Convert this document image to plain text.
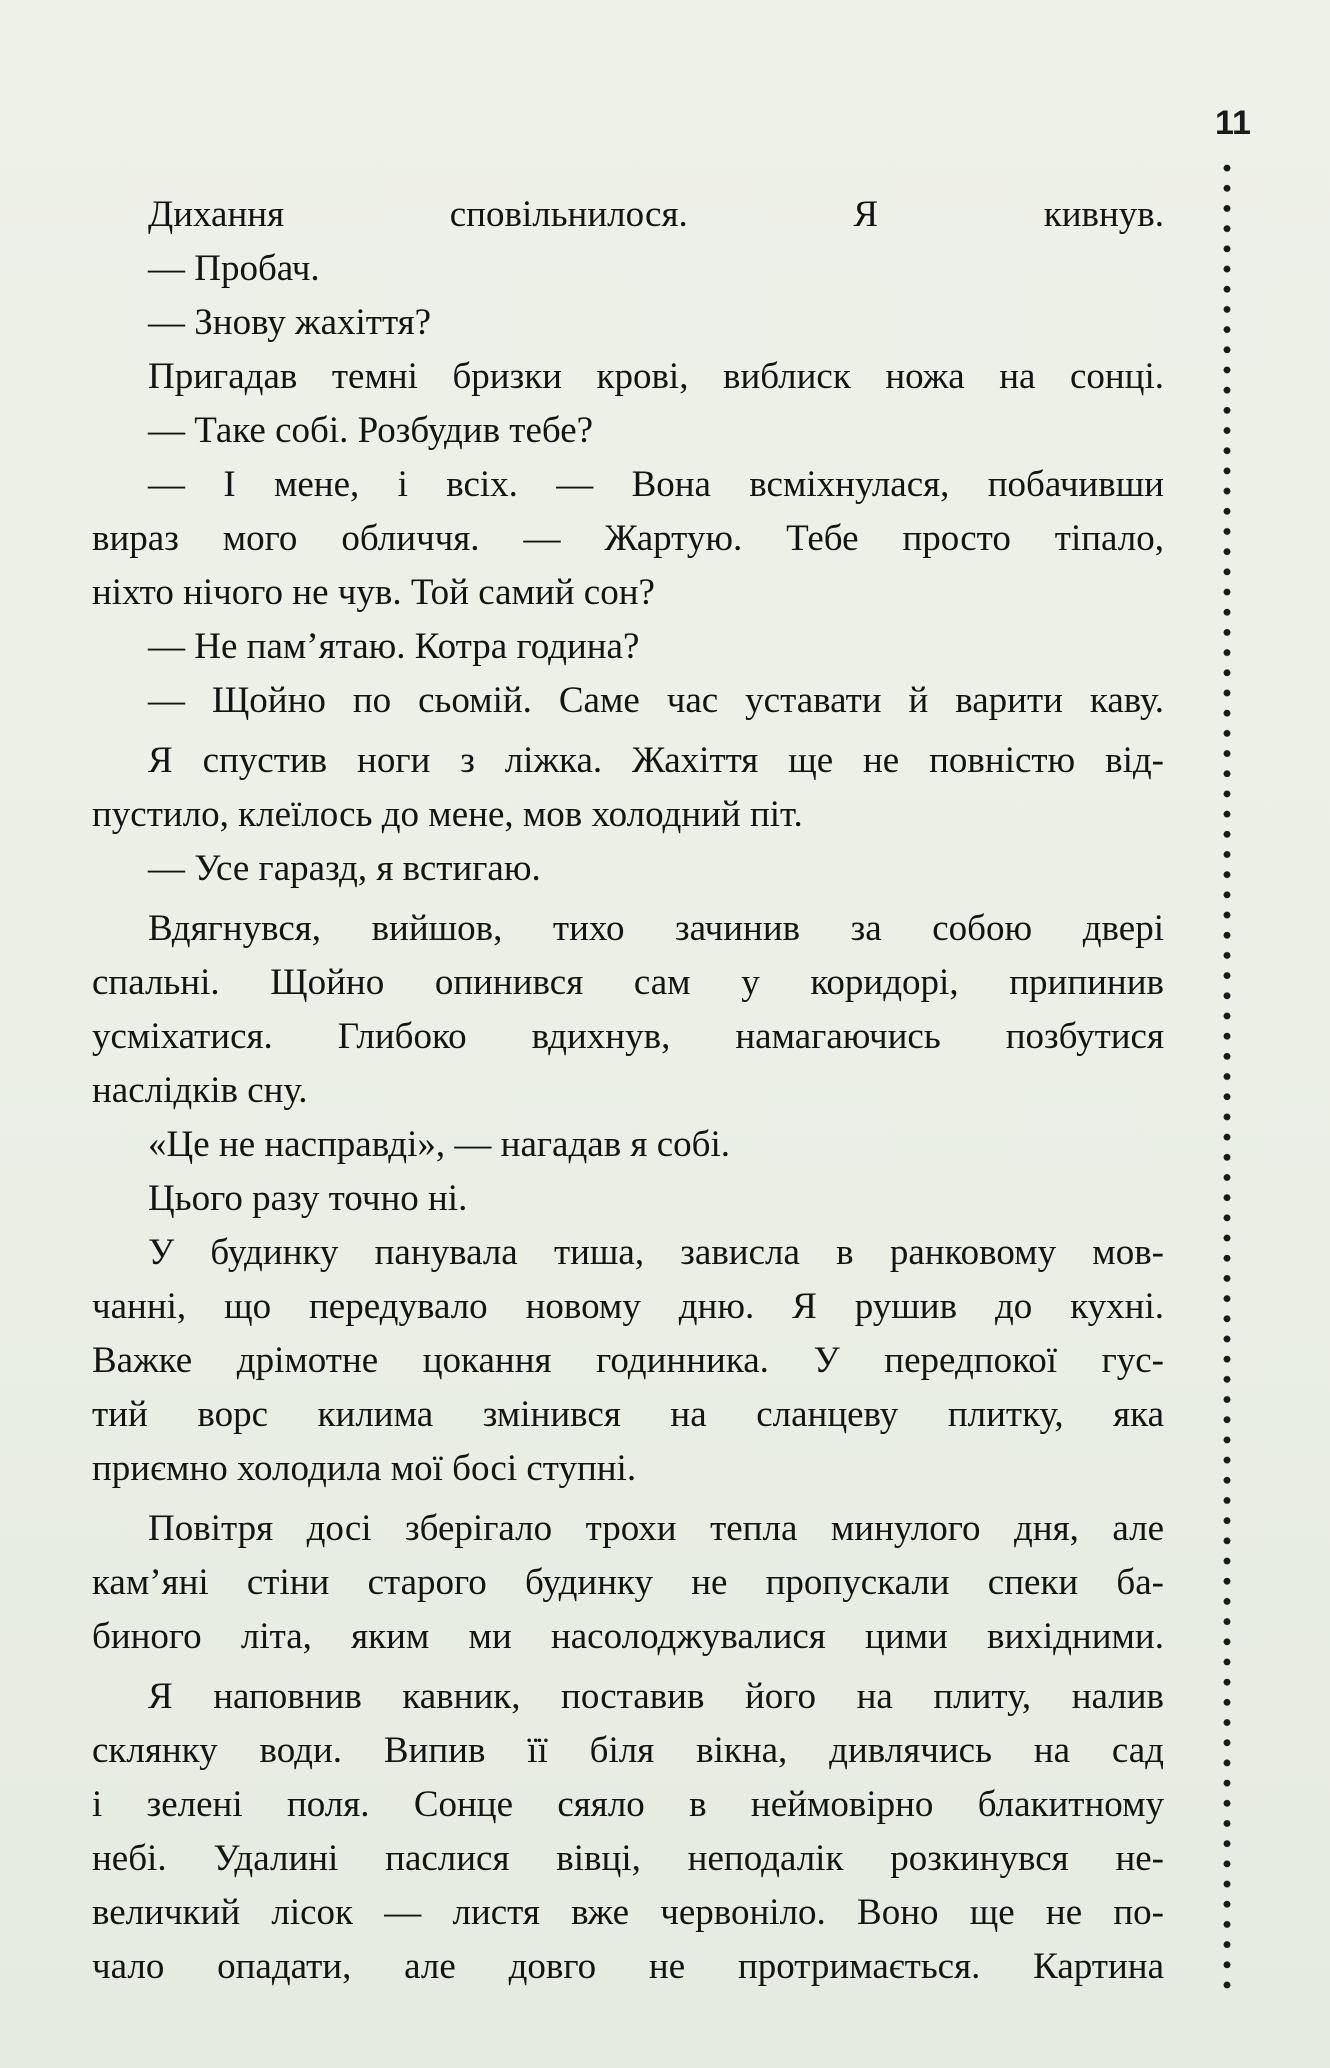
11
Дихання сповільнилося. Я кивнув.
— Пробач.
— Знову жахіття?
Пригадав темні бризки крові, виблиск ножа на сонці.
— Таке собі. Розбудив тебе?
— І мене, і всіх. — Вона всміхнулася, побачивши
вираз мого обличчя. — Жартую. Тебе просто тіпало,
ніхто нічого не чув. Той самий сон?
— Не пам’ятаю. Котра година?
— Щойно по сьомій. Саме час уставати й варити каву.
Я спустив ноги з ліжка. Жахіття ще не повністю від-
пустило, клеїлось до мене, мов холодний піт.
— Усе гаразд, я встигаю.
Вдягнувся, вийшов, тихо зачинив за собою двері
спальні. Щойно опинився сам у коридорі, припинив
усміхатися. Глибоко вдихнув, намагаючись позбутися
наслідків сну.
«Це не насправді», — нагадав я собі.
Цього разу точно ні.
У будинку панувала тиша, зависла в ранковому мов-
чанні, що передувало новому дню. Я рушив до кухні.
Важке дрімотне цокання годинника. У передпокої гус-
тий ворс килима змінився на сланцеву плитку, яка
приємно холодила мої босі ступні.
Повітря досі зберігало трохи тепла минулого дня, але
кам’яні стіни старого будинку не пропускали спеки ба-
биного літа, яким ми насолоджувалися цими вихідними.
Я наповнив кавник, поставив його на плиту, налив
склянку води. Випив її біля вікна, дивлячись на сад
і зелені поля. Сонце сяяло в неймовірно блакитному
небі. Удалині паслися вівці, неподалік розкинувся не-
величкий лісок — листя вже червоніло. Воно ще не по-
чало опадати, але довго не протримається. Картина
